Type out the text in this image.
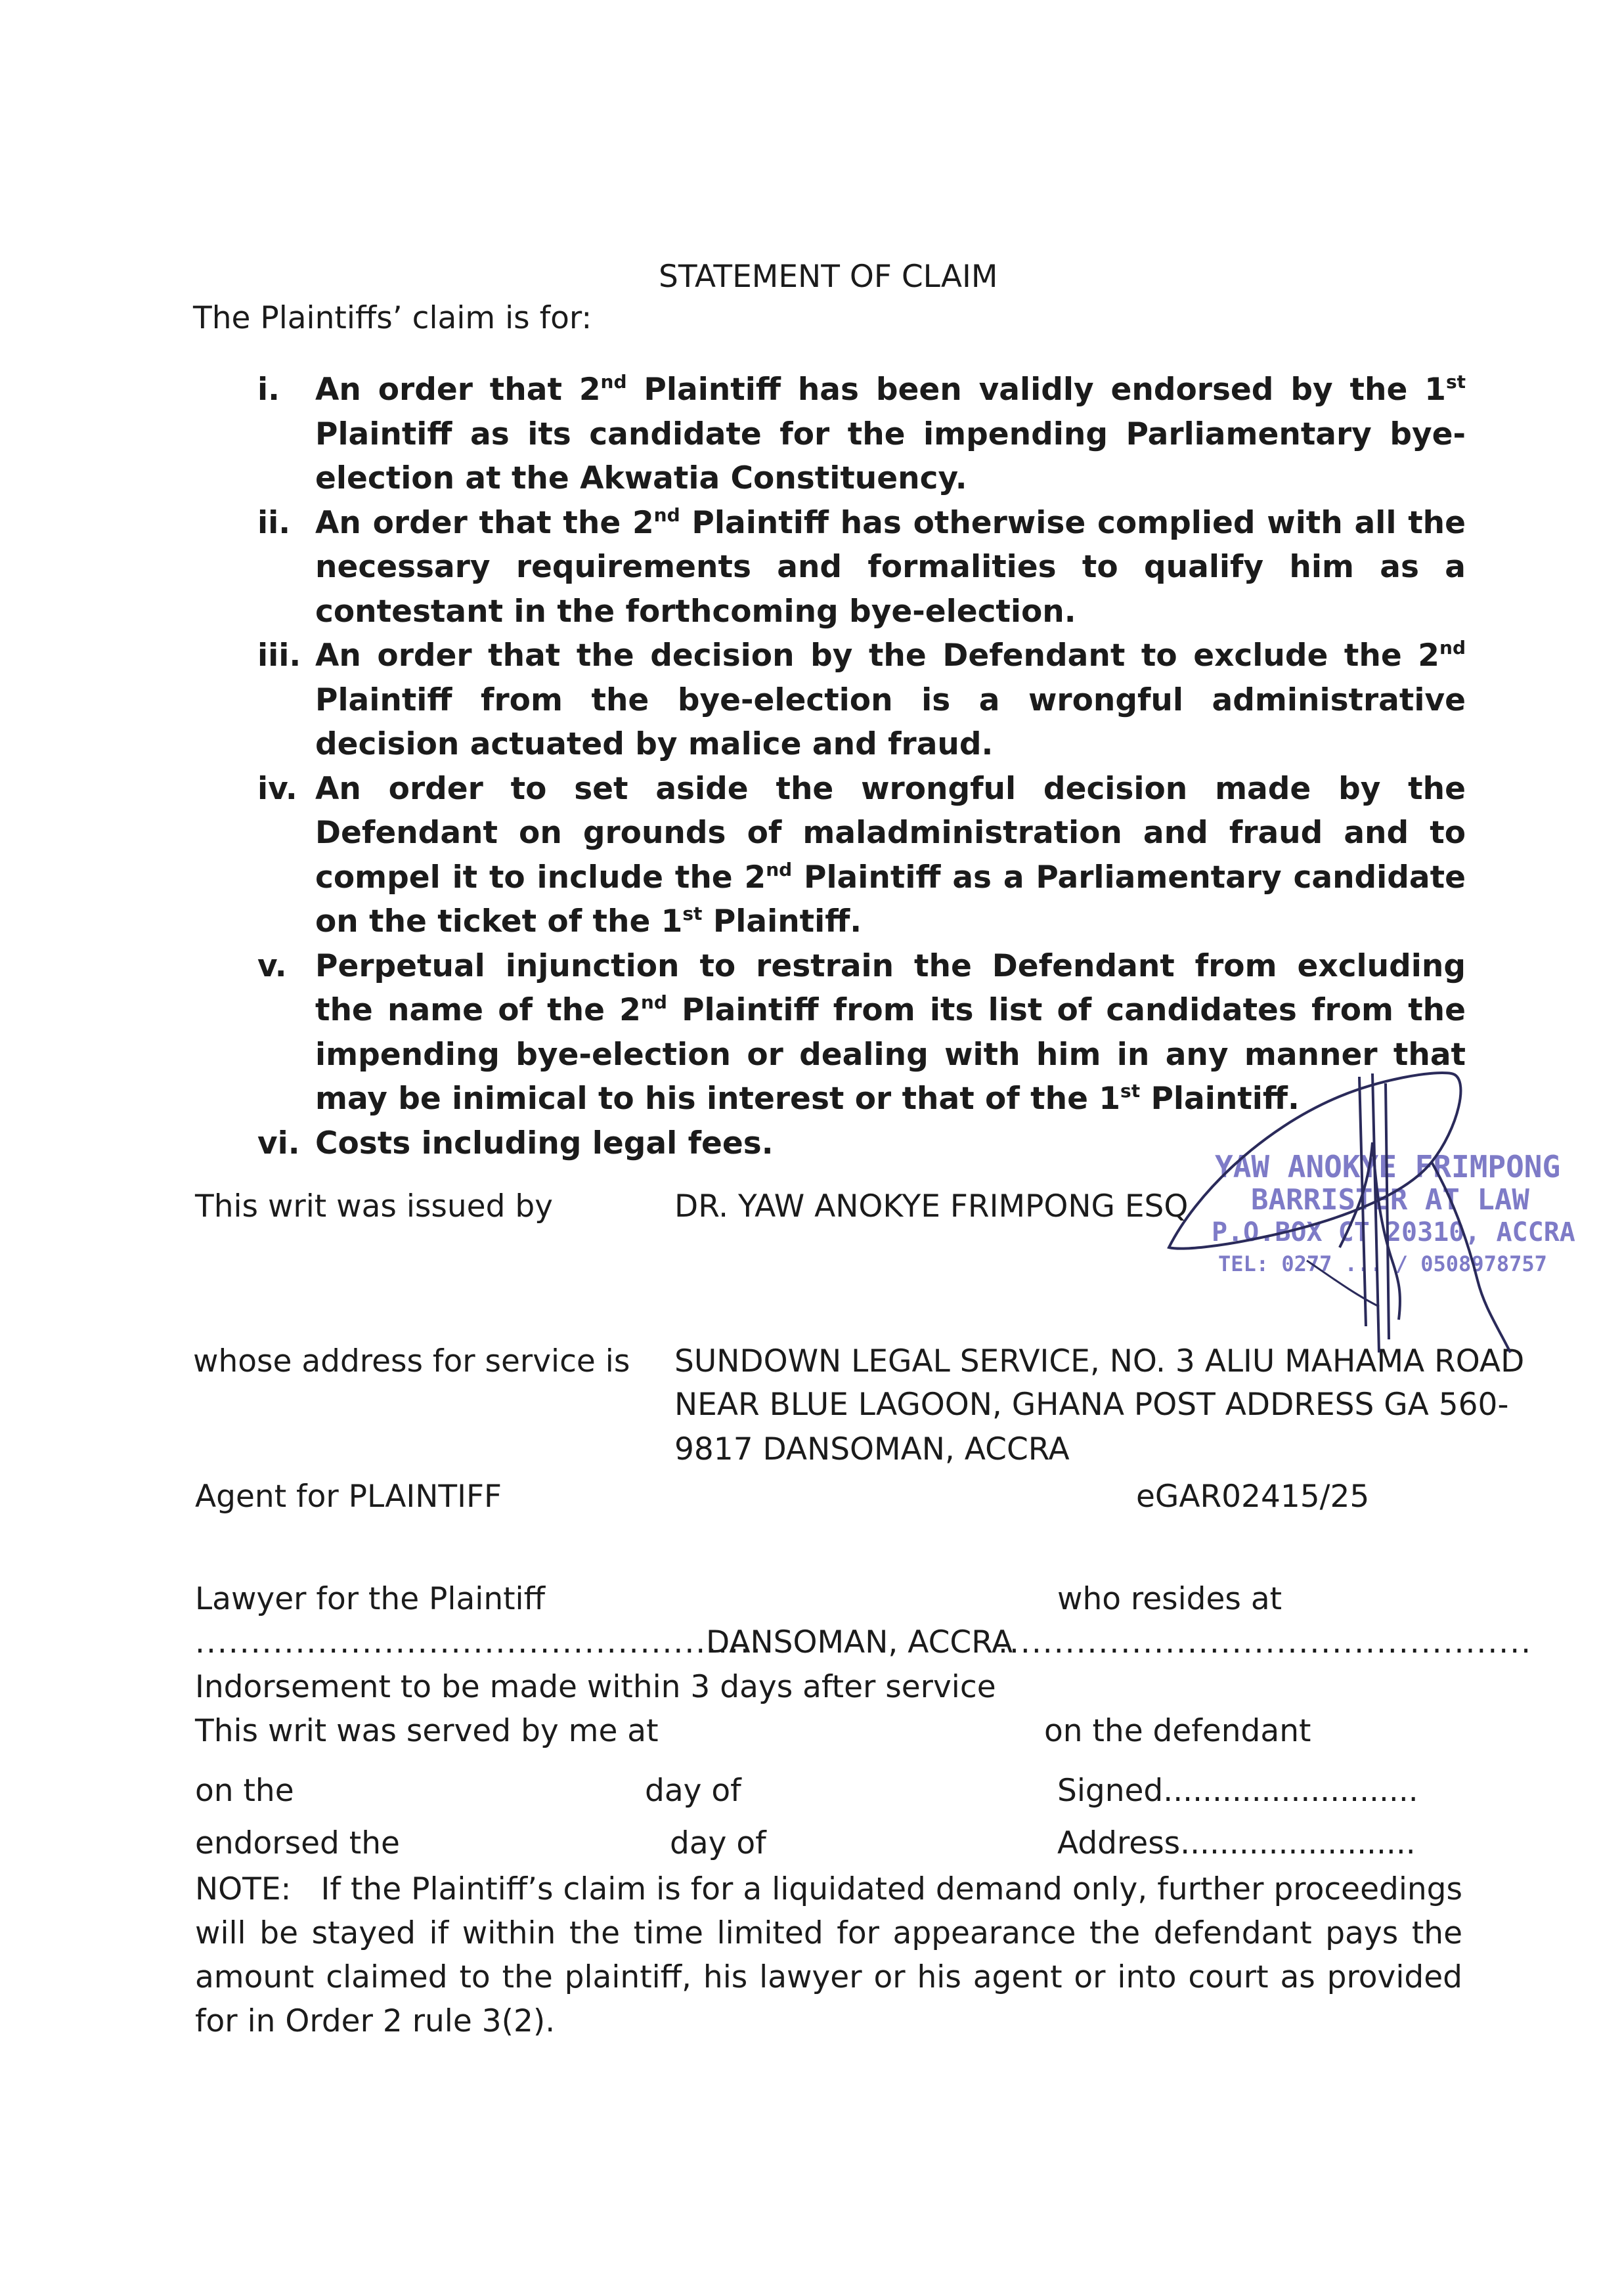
STATEMENT OF CLAIM
The Plaintiffs’ claim is for:
i.	An order that 2nd Plaintiff has been validly endorsed by the 1st Plaintiff as its candidate for the impending Parliamentary bye-election at the Akwatia Constituency.
ii. An order that the 2nd Plaintiff has otherwise complied with all the necessary requirements and formalities to qualify him as a contestant in the forthcoming bye-election.
iii. An order that the decision by the Defendant to exclude the 2nd Plaintiff from the bye-election is a wrongful administrative decision actuated by malice and fraud.
iv. An order to set aside the wrongful decision made by the Defendant on grounds of maladministration and fraud and to compel it to include the 2nd Plaintiff as a Parliamentary candidate on the ticket of the 1st Plaintiff.
v. Perpetual injunction to restrain the Defendant from excluding the name of the 2nd Plaintiff from its list of candidates from the impending bye-election or dealing with him in any manner that may be inimical to his interest or that of the 1st Plaintiff.
vi. Costs including legal fees.
This writ was issued by	DR. YAW ANOKYE FRIMPONG ESQ
whose address for service is SUNDOWN LEGAL SERVICE, NO. 3 ALIU MAHAMA ROAD
NEAR BLUE LAGOON, GHANA POST ADDRESS GA 560-
9817 DANSOMAN, ACCRA
Agent for PLAINTIFF	eGAR02415/25
Lawyer for the Plaintiff	who resides at
....................................................
DANSOMAN, ACCRA
................................................
Indorsement to be made within 3 days after service
This writ was served by me at	on the defendant
on the	day of	Signed..........................
endorsed the	day of	Address........................
NOTE: If the Plaintiff’s claim is for a liquidated demand only, further proceedings will be stayed if within the time limited for appearance the defendant pays the amount claimed to the plaintiff, his lawyer or his agent or into court as provided for in Order 2 rule 3(2).
YAW ANOKYE FRIMPONG
BARRISTER AT LAW
P.O.BOX CT 20310, ACCRA
TEL: 0277 ... / 0508978757
